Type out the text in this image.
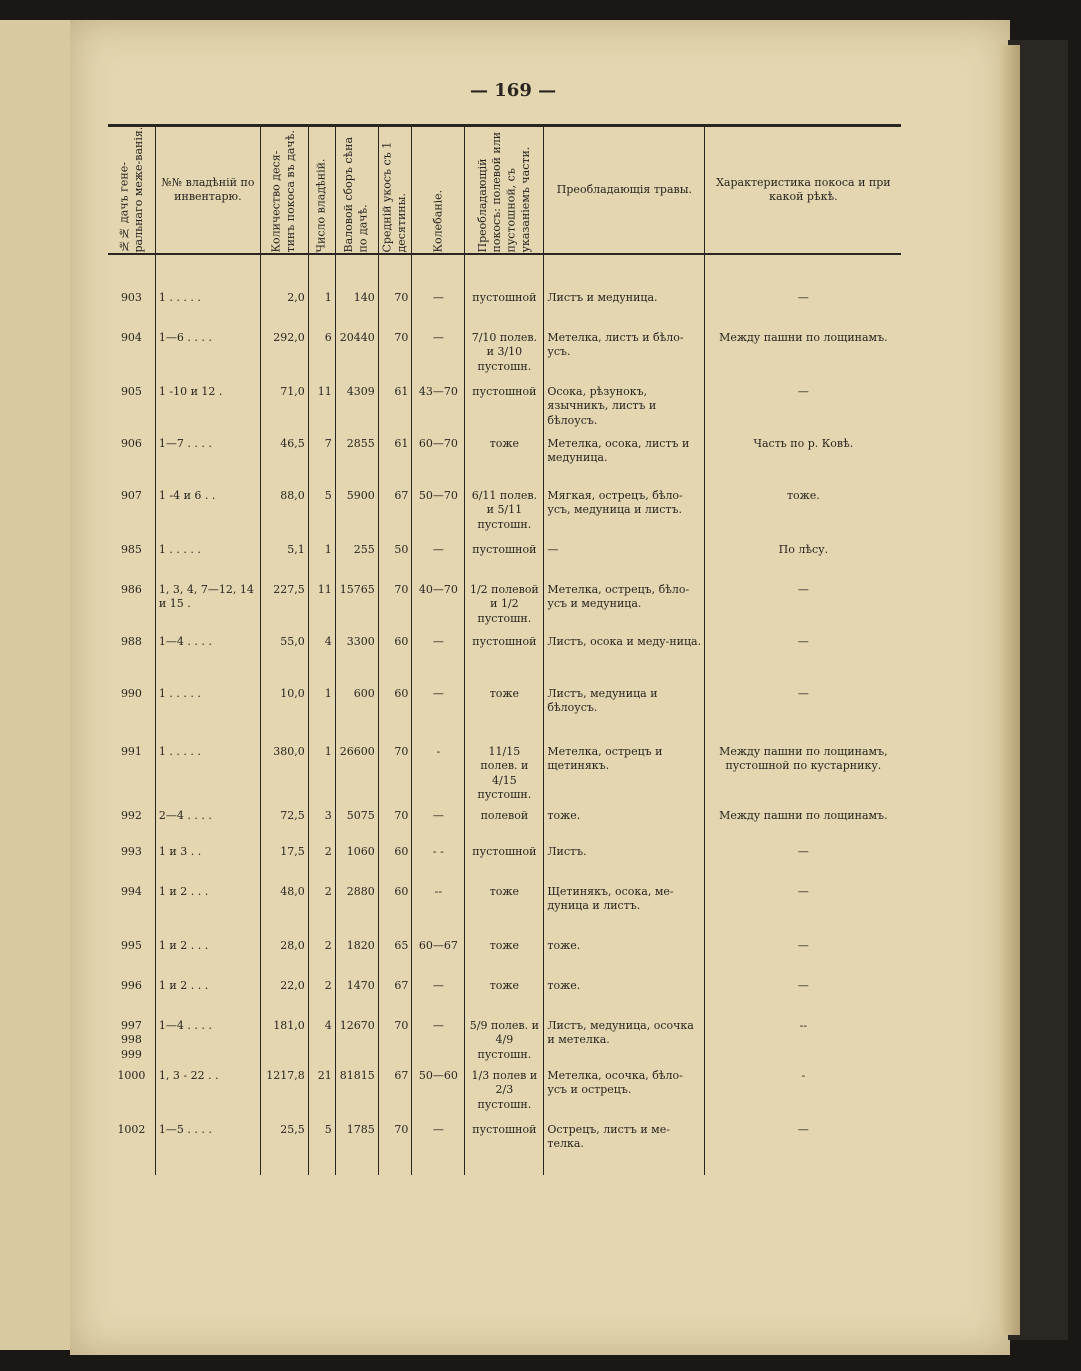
— 169 —
№№ дачъ гене-ральнаго меже-ванія.	№№ владѣній по инвентарю.	Количество деся-тинъ покоса въ дачѣ.	Число владѣній.	Валовой сборъ сѣна по дачѣ.	Средній укосъ съ 1 десятины.	Колебаніе.	Преобладающій покосъ: полевой или пустошной, съ указаніемъ части.	Преобладающія травы.	Характеристика покоса и при какой рѣкѣ.

903	1 . . . . .	2,0	1	140	70	—	пустошной	Листъ и медуница.	—
904	1—6 . . . .	292,0	6	20440	70	—	7/10 полев. и 3/10 пустошн.	Метелка, листъ и бѣло-усъ.	Между пашни по лощинамъ.
905	1 -10 и 12 .	71,0	11	4309	61	43—70	пустошной	Осока, рѣзунокъ, язычникъ, листъ и бѣлоусъ.	—
906	1—7 . . . .	46,5	7	2855	61	60—70	тоже	Метелка, осока, листъ и медуница.	Часть по р. Ковѣ.
907	1 -4 и 6 . .	88,0	5	5900	67	50—70	6/11 полев. и 5/11 пустошн.	Мягкая, острецъ, бѣло-усъ, медуница и листъ.	тоже.
985	1 . . . . .	5,1	1	255	50	—	пустошной	—	По лѣсу.
986	1, 3, 4, 7—12, 14 и 15 .	227,5	11	15765	70	40—70	1/2 полевой и 1/2 пустошн.	Метелка, острецъ, бѣло-усъ и медуница.	—
988	1—4 . . . .	55,0	4	3300	60	—	пустошной	Листъ, осока и меду-ница.	—
990	1 . . . . .	10,0	1	600	60	—	тоже	Листъ, медуница и бѣлоусъ.	—
991	1 . . . . .	380,0	1	26600	70	-	11/15 полев. и 4/15 пустошн.	Метелка, острецъ и щетинякъ.	Между пашни по лощинамъ, пустошной по кустарнику.
992	2—4 . . . .	72,5	3	5075	70	—	полевой	тоже.	Между пашни по лощинамъ.
993	1 и 3 . .	17,5	2	1060	60	- -	пустошной	Листъ.	—
994	1 и 2 . . .	48,0	2	2880	60	--	тоже	Щетинякъ, осока, ме-дуница и листъ.	—
995	1 и 2 . . .	28,0	2	1820	65	60—67	тоже	тоже.	—
996	1 и 2 . . .	22,0	2	1470	67	—	тоже	тоже.	—
997 998 999	1—4 . . . .	181,0	4	12670	70	—	5/9 полев. и 4/9 пустошн.	Листъ, медуница, осочка и метелка.	--
1000	1, 3 - 22 . .	1217,8	21	81815	67	50—60	1/3 полев и 2/3 пустошн.	Метелка, осочка, бѣло-усъ и острецъ.	-
1002	1—5 . . . .	25,5	5	1785	70	—	пустошной	Острецъ, листъ и ме-телка.	—
